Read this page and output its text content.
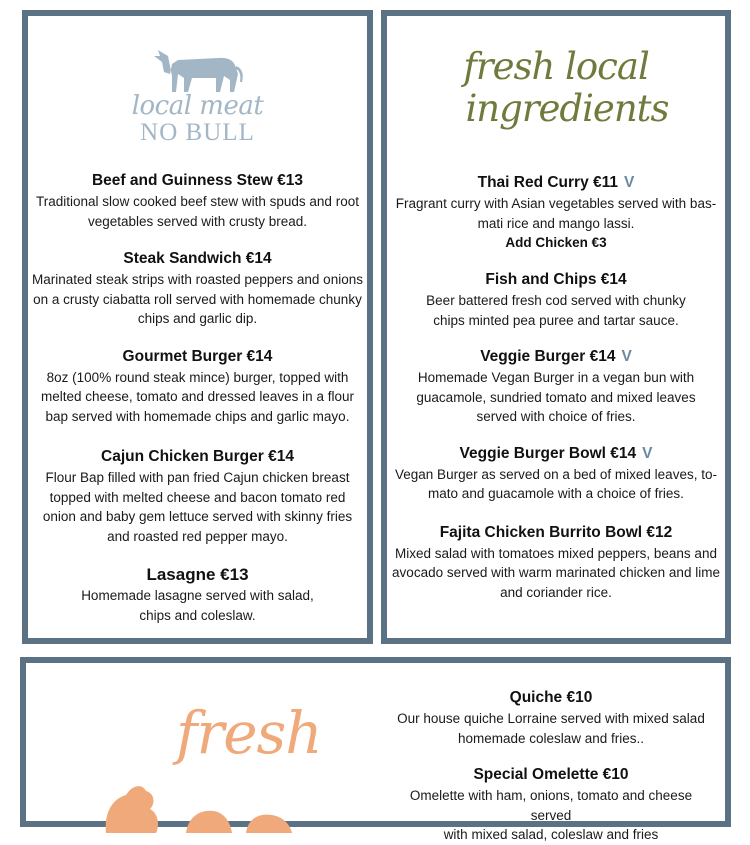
local meat
NO BULL
Beef and Guinness Stew €13
Traditional slow cooked beef stew with spuds and root
vegetables served with crusty bread.
Steak Sandwich €14
Marinated steak strips with roasted peppers and onions
on a crusty ciabatta roll served with homemade chunky
chips and garlic dip.
Gourmet Burger €14
8oz (100% round steak mince) burger, topped with
melted cheese, tomato and dressed leaves in a flour
bap served with homemade chips and garlic mayo.
Cajun Chicken Burger €14
Flour Bap filled with pan fried Cajun chicken breast
topped with melted cheese and bacon tomato red
onion and baby gem lettuce served with skinny fries
and roasted red pepper mayo.
Lasagne €13
Homemade lasagne served with salad,
chips and coleslaw.
fresh local
ingredients
Thai Red Curry €11 V
Fragrant curry with Asian vegetables served with bas-
mati rice and mango lassi.
Add Chicken €3
Fish and Chips €14
Beer battered fresh cod served with chunky
chips minted pea puree and tartar sauce.
Veggie Burger €14 V
Homemade Vegan Burger in a vegan bun with
guacamole, sundried tomato and mixed leaves
served with choice of fries.
Veggie Burger Bowl €14 V
Vegan Burger as served on a bed of mixed leaves, to-
mato and guacamole with a choice of fries.
Fajita Chicken Burrito Bowl €12
Mixed salad with tomatoes mixed peppers, beans and
avocado served with warm marinated chicken and lime
and coriander rice.
fresh
Quiche €10
Our house quiche Lorraine served with mixed salad
homemade coleslaw and fries..
Special Omelette €10
Omelette with ham, onions, tomato and cheese served
with mixed salad, coleslaw and fries
